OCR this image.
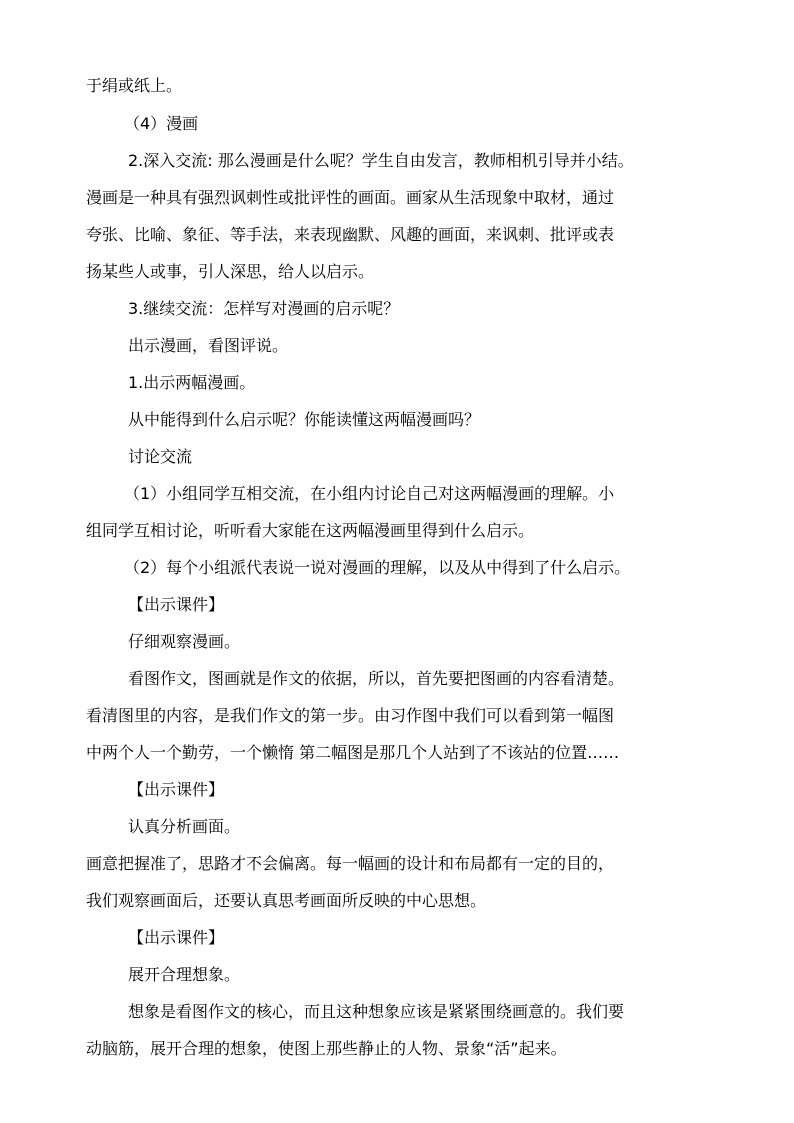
于绢或纸上。
（4）漫画
2.深入交流: 那么漫画是什么呢？学生自由发言，教师相机引导并小结。
漫画是一种具有强烈讽刺性或批评性的画面。画家从生活现象中取材，通过
夸张、比喻、象征、等手法，来表现幽默、风趣的画面，来讽刺、批评或表
扬某些人或事，引人深思，给人以启示。
3.继续交流：怎样写对漫画的启示呢？
出示漫画，看图评说。
1.出示两幅漫画。
从中能得到什么启示呢？你能读懂这两幅漫画吗？
讨论交流
（1）小组同学互相交流，在小组内讨论自己对这两幅漫画的理解。小
组同学互相讨论，听听看大家能在这两幅漫画里得到什么启示。
（2）每个小组派代表说一说对漫画的理解，以及从中得到了什么启示。
【出示课件】
仔细观察漫画。
看图作文，图画就是作文的依据，所以，首先要把图画的内容看清楚。
看清图里的内容，是我们作文的第一步。由习作图中我们可以看到第一幅图
中两个人一个勤劳，一个懒惰 第二幅图是那几个人站到了不该站的位置……
【出示课件】
认真分析画面。
画意把握准了，思路才不会偏离。每一幅画的设计和布局都有一定的目的，
我们观察画面后，还要认真思考画面所反映的中心思想。
【出示课件】
展开合理想象。
想象是看图作文的核心，而且这种想象应该是紧紧围绕画意的。我们要
动脑筋，展开合理的想象，使图上那些静止的人物、景象“活”起来。
